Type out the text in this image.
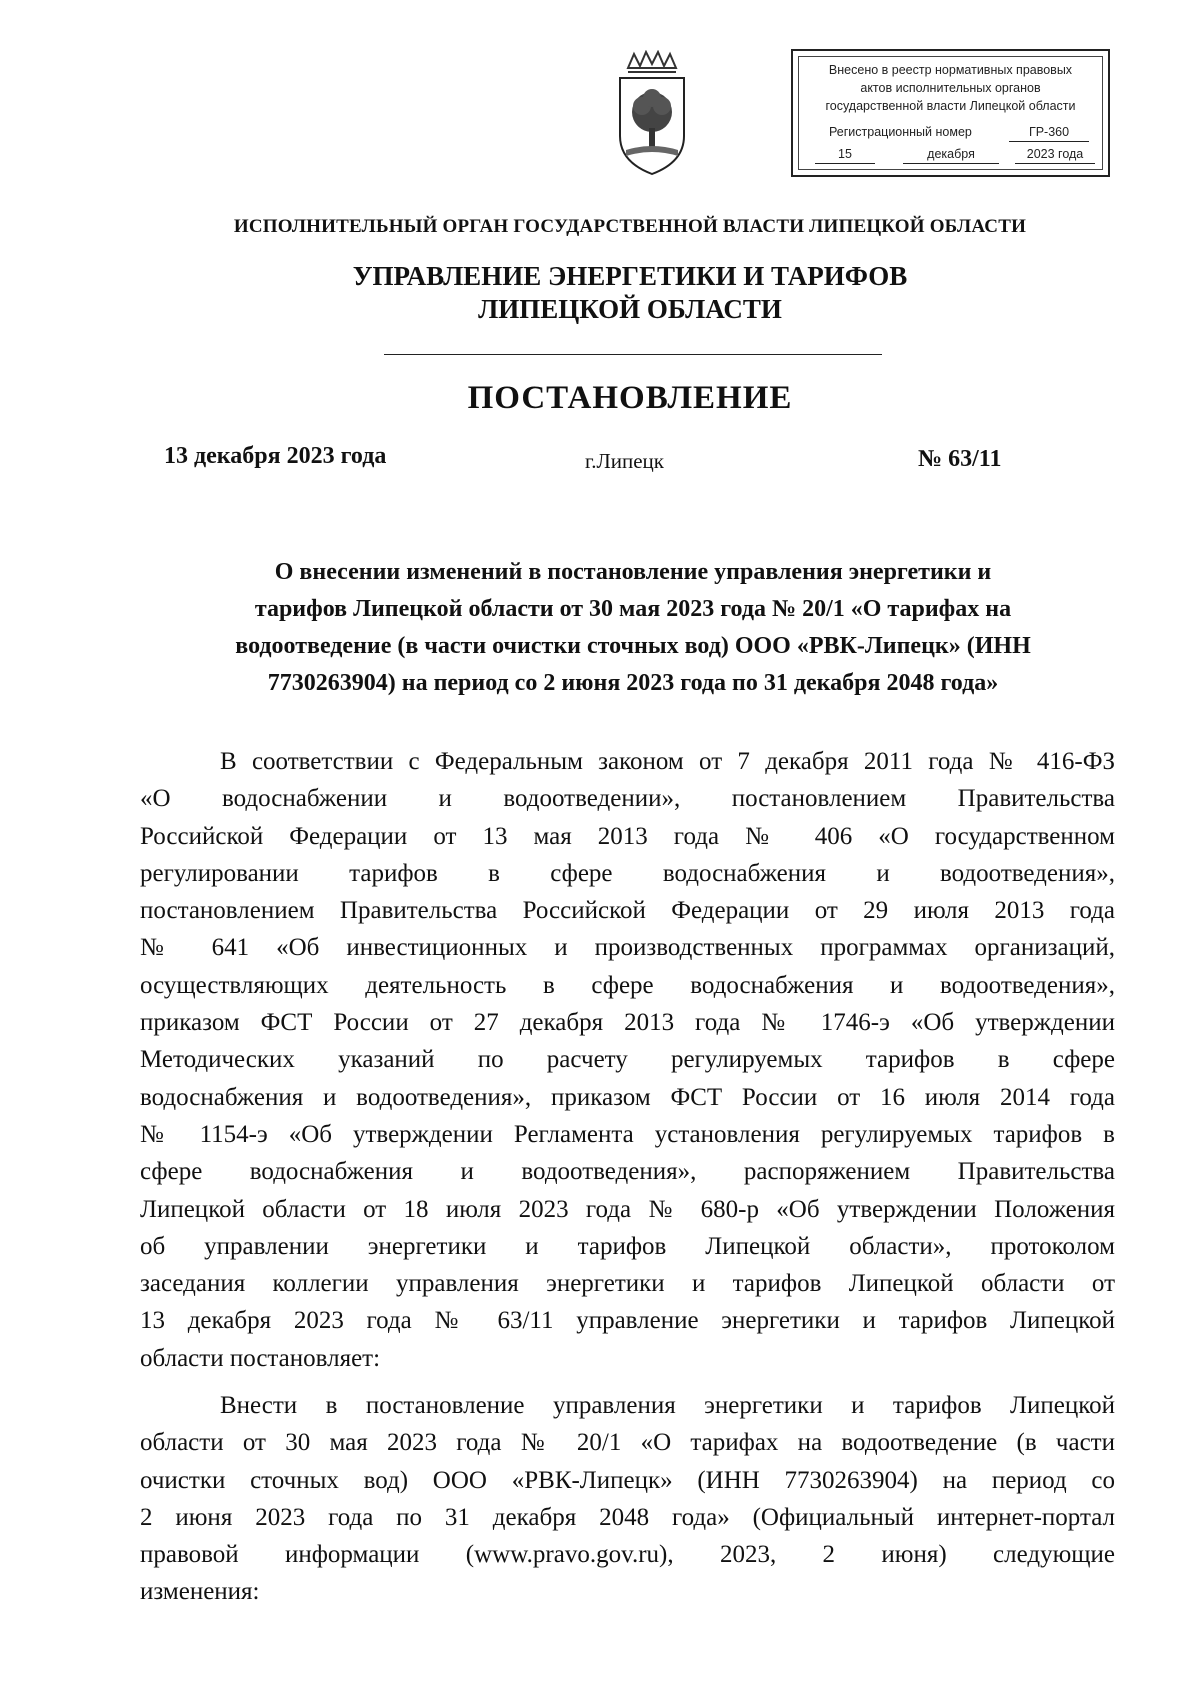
Внесено в реестр нормативных правовых
актов исполнительных органов
государственной власти Липецкой области
Регистрационный номер	ГР-360
15	декабря	2023 года
ИСПОЛНИТЕЛЬНЫЙ ОРГАН ГОСУДАРСТВЕННОЙ ВЛАСТИ ЛИПЕЦКОЙ ОБЛАСТИ
УПРАВЛЕНИЕ ЭНЕРГЕТИКИ И ТАРИФОВ
ЛИПЕЦКОЙ ОБЛАСТИ
ПОСТАНОВЛЕНИЕ
13 декабря 2023 года	г.Липецк	№ 63/11
О внесении изменений в постановление управления энергетики и
тарифов Липецкой области от 30 мая 2023 года № 20/1 «О тарифах на
водоотведение (в части очистки сточных вод) ООО «РВК-Липецк» (ИНН
7730263904) на период со 2 июня 2023 года по 31 декабря 2048 года»
В соответствии с Федеральным законом от 7 декабря 2011 года № 416-ФЗ
«О водоснабжении и водоотведении», постановлением Правительства
Российской Федерации от 13 мая 2013 года № 406 «О государственном
регулировании тарифов в сфере водоснабжения и водоотведения»,
постановлением Правительства Российской Федерации от 29 июля 2013 года
№ 641 «Об инвестиционных и производственных программах организаций,
осуществляющих деятельность в сфере водоснабжения и водоотведения»,
приказом ФСТ России от 27 декабря 2013 года № 1746-э «Об утверждении
Методических указаний по расчету регулируемых тарифов в сфере
водоснабжения и водоотведения», приказом ФСТ России от 16 июля 2014 года
№ 1154-э «Об утверждении Регламента установления регулируемых тарифов в
сфере водоснабжения и водоотведения», распоряжением Правительства
Липецкой области от 18 июля 2023 года № 680-р «Об утверждении Положения
об управлении энергетики и тарифов Липецкой области», протоколом
заседания коллегии управления энергетики и тарифов Липецкой области от
13 декабря 2023 года № 63/11 управление энергетики и тарифов Липецкой
области постановляет:
Внести в постановление управления энергетики и тарифов Липецкой
области от 30 мая 2023 года № 20/1 «О тарифах на водоотведение (в части
очистки сточных вод) ООО «РВК-Липецк» (ИНН 7730263904) на период со
2 июня 2023 года по 31 декабря 2048 года» (Официальный интернет-портал
правовой информации (www.pravo.gov.ru), 2023, 2 июня) следующие
изменения:
